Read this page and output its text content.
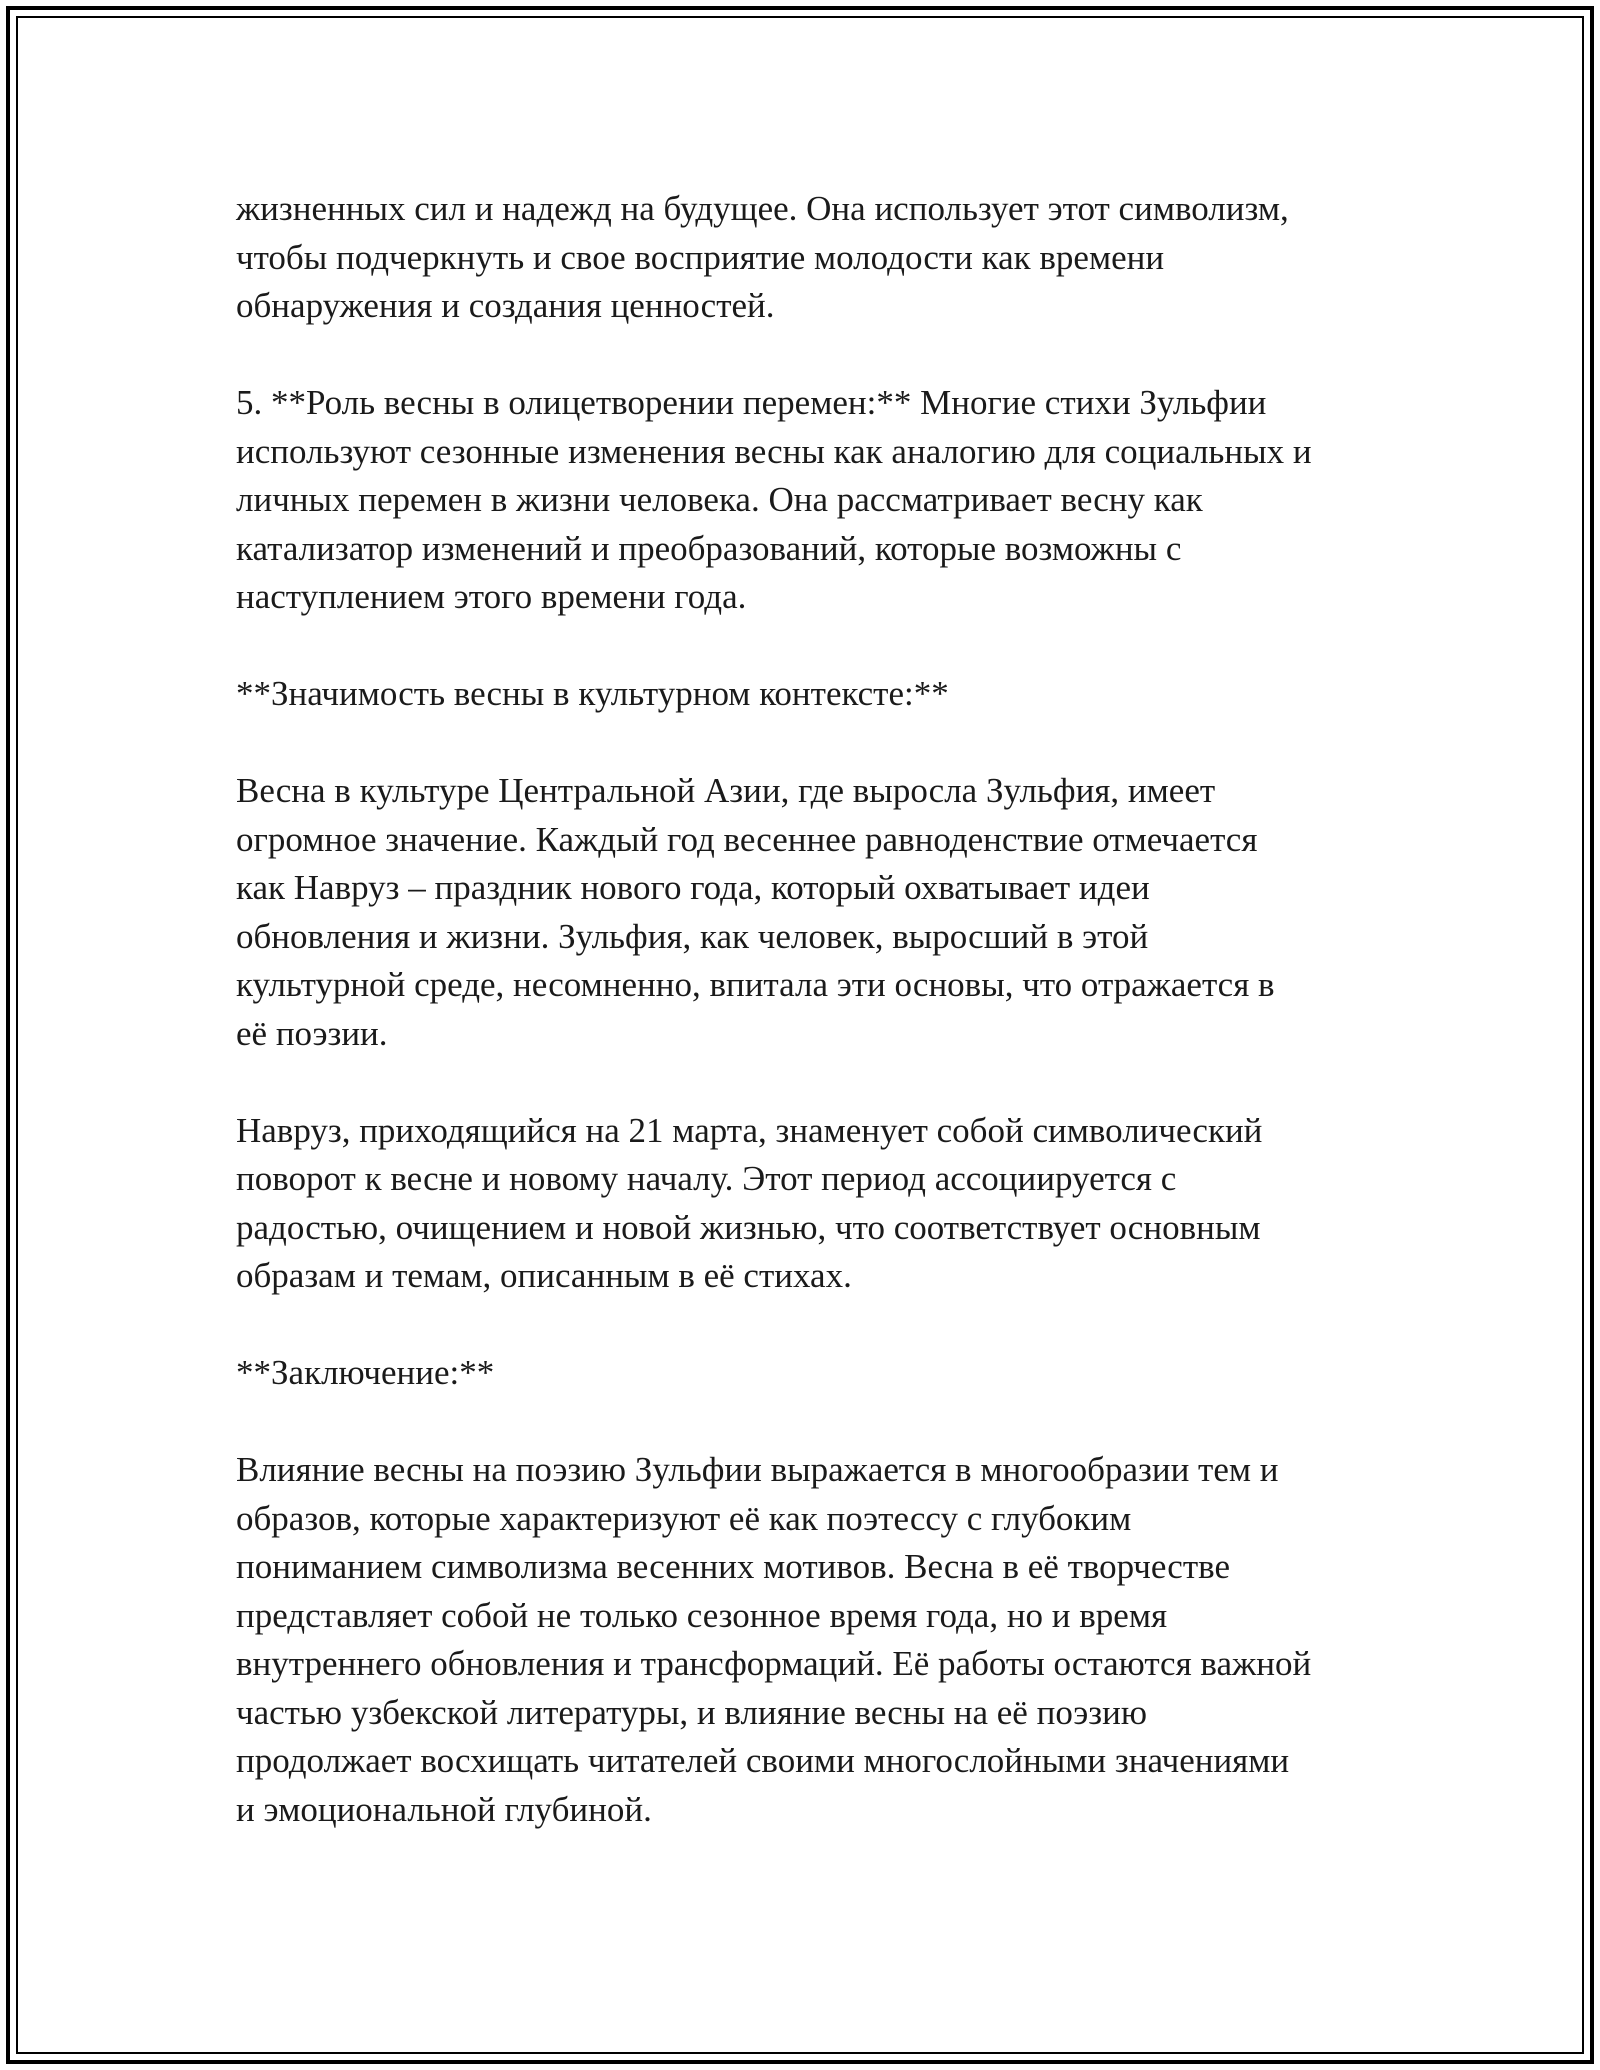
жизненных сил и надежд на будущее. Она использует этот символизм,
чтобы подчеркнуть и свое восприятие молодости как времени
обнаружения и создания ценностей.
5. **Роль весны в олицетворении перемен:** Многие стихи Зульфии
используют сезонные изменения весны как аналогию для социальных и
личных перемен в жизни человека. Она рассматривает весну как
катализатор изменений и преобразований, которые возможны с
наступлением этого времени года.
**Значимость весны в культурном контексте:**
Весна в культуре Центральной Азии, где выросла Зульфия, имеет
огромное значение. Каждый год весеннее равноденствие отмечается
как Навруз – праздник нового года, который охватывает идеи
обновления и жизни. Зульфия, как человек, выросший в этой
культурной среде, несомненно, впитала эти основы, что отражается в
её поэзии.
Навруз, приходящийся на 21 марта, знаменует собой символический
поворот к весне и новому началу. Этот период ассоциируется с
радостью, очищением и новой жизнью, что соответствует основным
образам и темам, описанным в её стихах.
**Заключение:**
Влияние весны на поэзию Зульфии выражается в многообразии тем и
образов, которые характеризуют её как поэтессу с глубоким
пониманием символизма весенних мотивов. Весна в её творчестве
представляет собой не только сезонное время года, но и время
внутреннего обновления и трансформаций. Её работы остаются важной
частью узбекской литературы, и влияние весны на её поэзию
продолжает восхищать читателей своими многослойными значениями
и эмоциональной глубиной.
